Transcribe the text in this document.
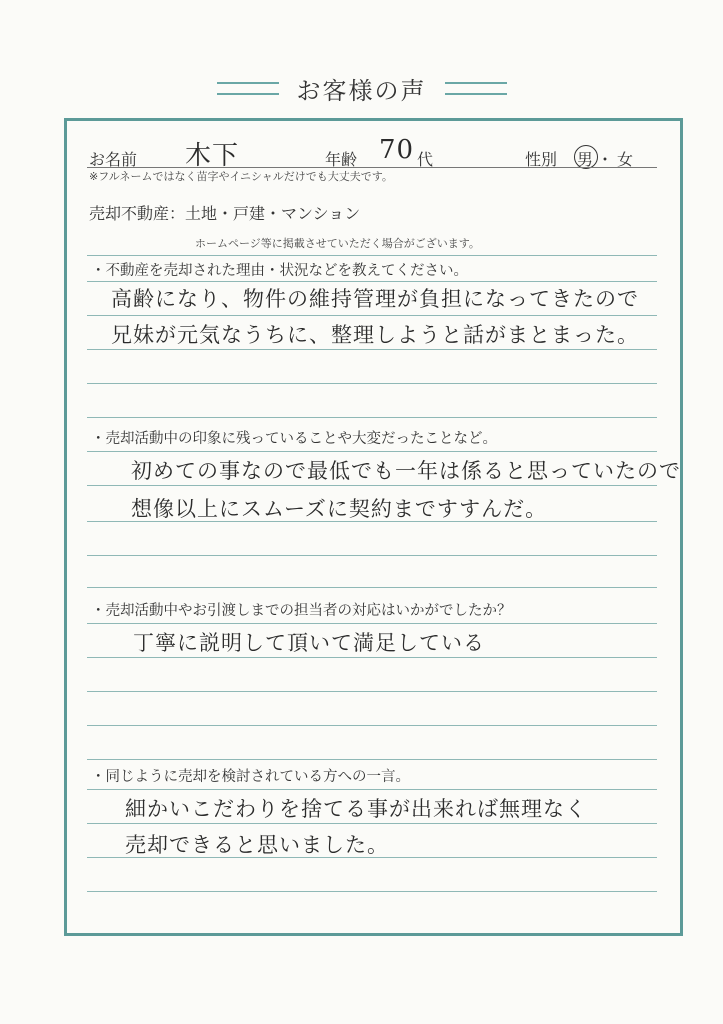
お客様の声
お名前 木下	年齢 70 代	性別 男 ・ 女
※フルネームではなく苗字やイニシャルだけでも大丈夫です。
売却不動産：土地・戸建・マンション
ホームページ等に掲載させていただく場合がございます。
・不動産を売却された理由・状況などを教えてください。
高齢になり、物件の維持管理が負担になってきたので
兄妹が元気なうちに、整理しようと話がまとまった。
・売却活動中の印象に残っていることや大変だったことなど。
初めての事なので最低でも一年は係ると思っていたので
想像以上にスムーズに契約まですすんだ。
・売却活動中やお引渡しまでの担当者の対応はいかがでしたか？
丁寧に説明して頂いて満足している
・同じように売却を検討されている方への一言。
細かいこだわりを捨てる事が出来れば無理なく
売却できると思いました。
